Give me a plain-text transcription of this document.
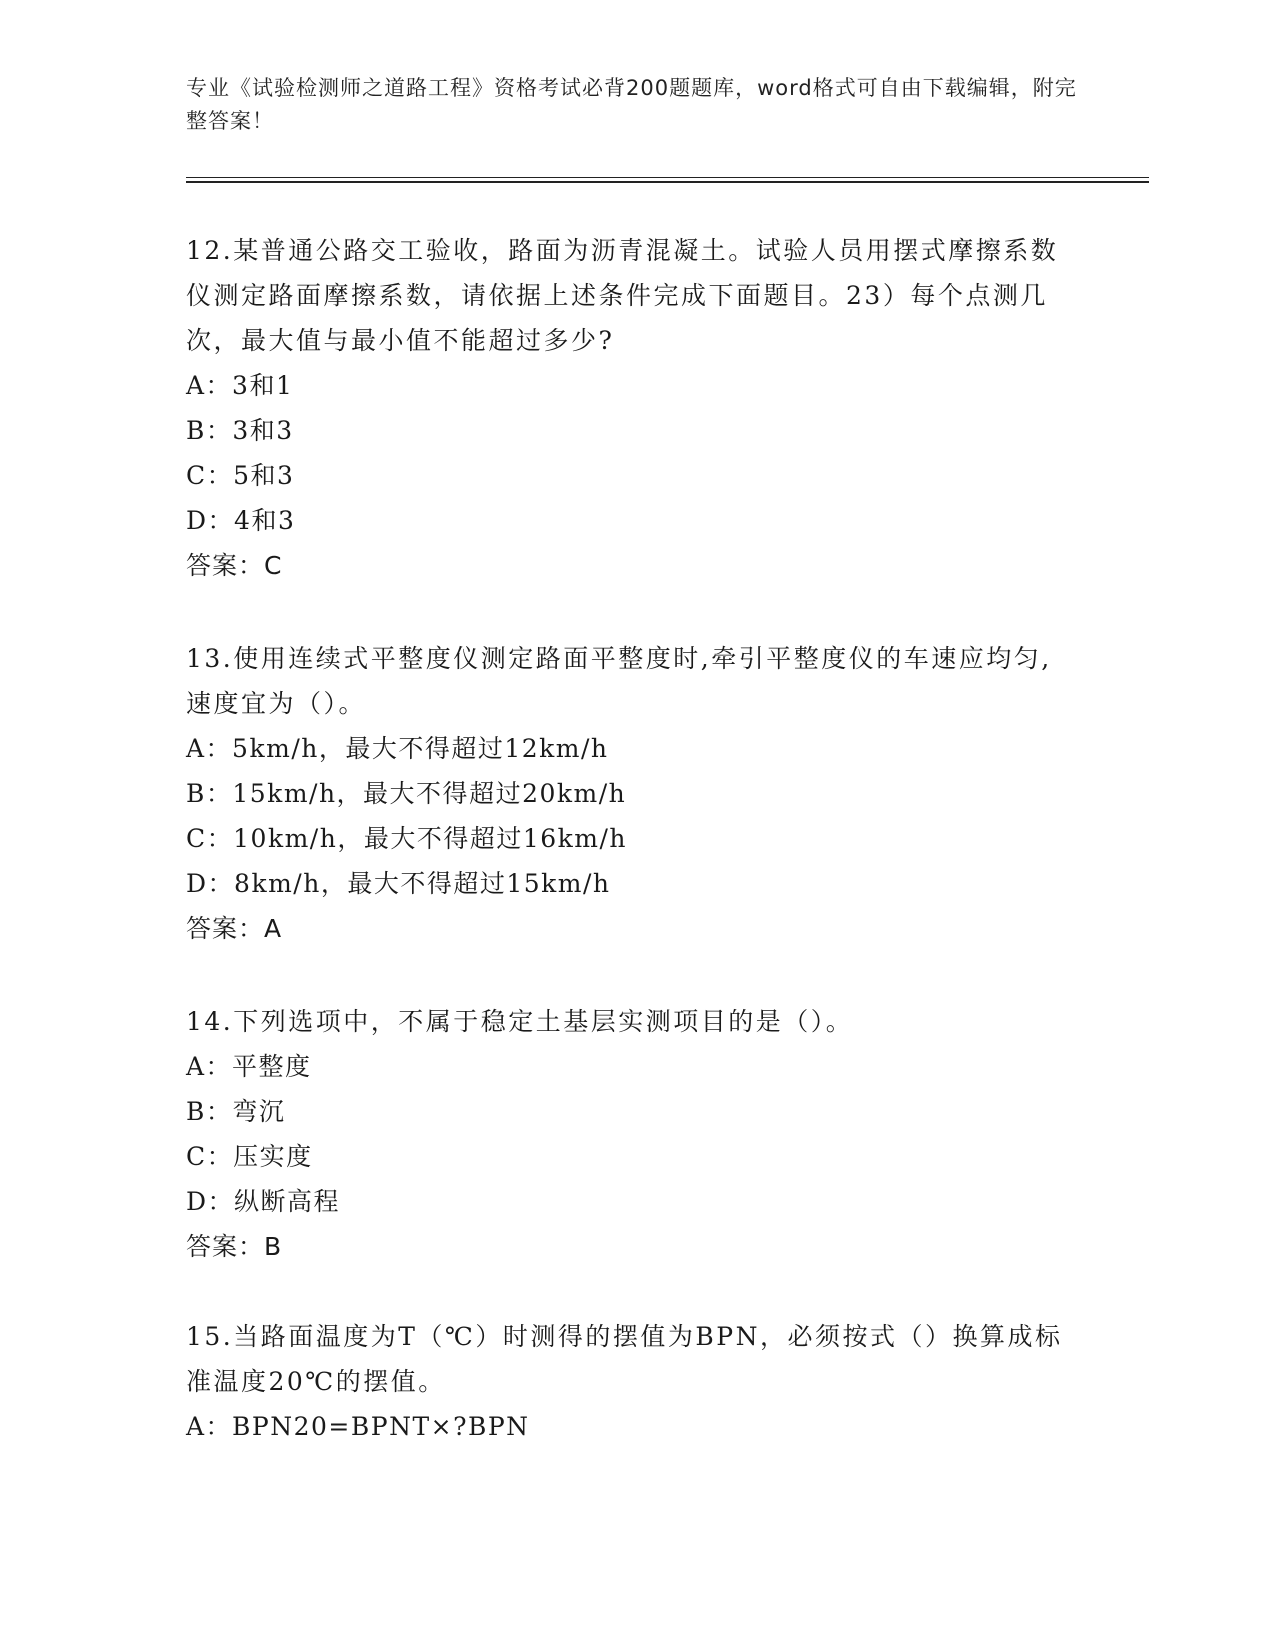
专业《试验检测师之道路工程》资格考试必背200题题库，word格式可自由下载编辑，附完整答案！

12.某普通公路交工验收，路面为沥青混凝土。试验人员用摆式摩擦系数仪测定路面摩擦系数，请依据上述条件完成下面题目。23）每个点测几次，最大值与最小值不能超过多少?

A：3和1

B：3和3

C：5和3

D：4和3

答案：C

13.使用连续式平整度仪测定路面平整度时,牵引平整度仪的车速应均匀,速度宜为（）。

A：5km/h，最大不得超过12km/h

B：15km/h，最大不得超过20km/h

C：10km/h，最大不得超过16km/h

D：8km/h，最大不得超过15km/h

答案：A

14.下列选项中，不属于稳定土基层实测项目的是（）。

A：平整度

B：弯沉

C：压实度

D：纵断高程

答案：B

15.当路面温度为T（℃）时测得的摆值为BPN，必须按式（）换算成标准温度20℃的摆值。

A：BPN20=BPNT×?BPN
